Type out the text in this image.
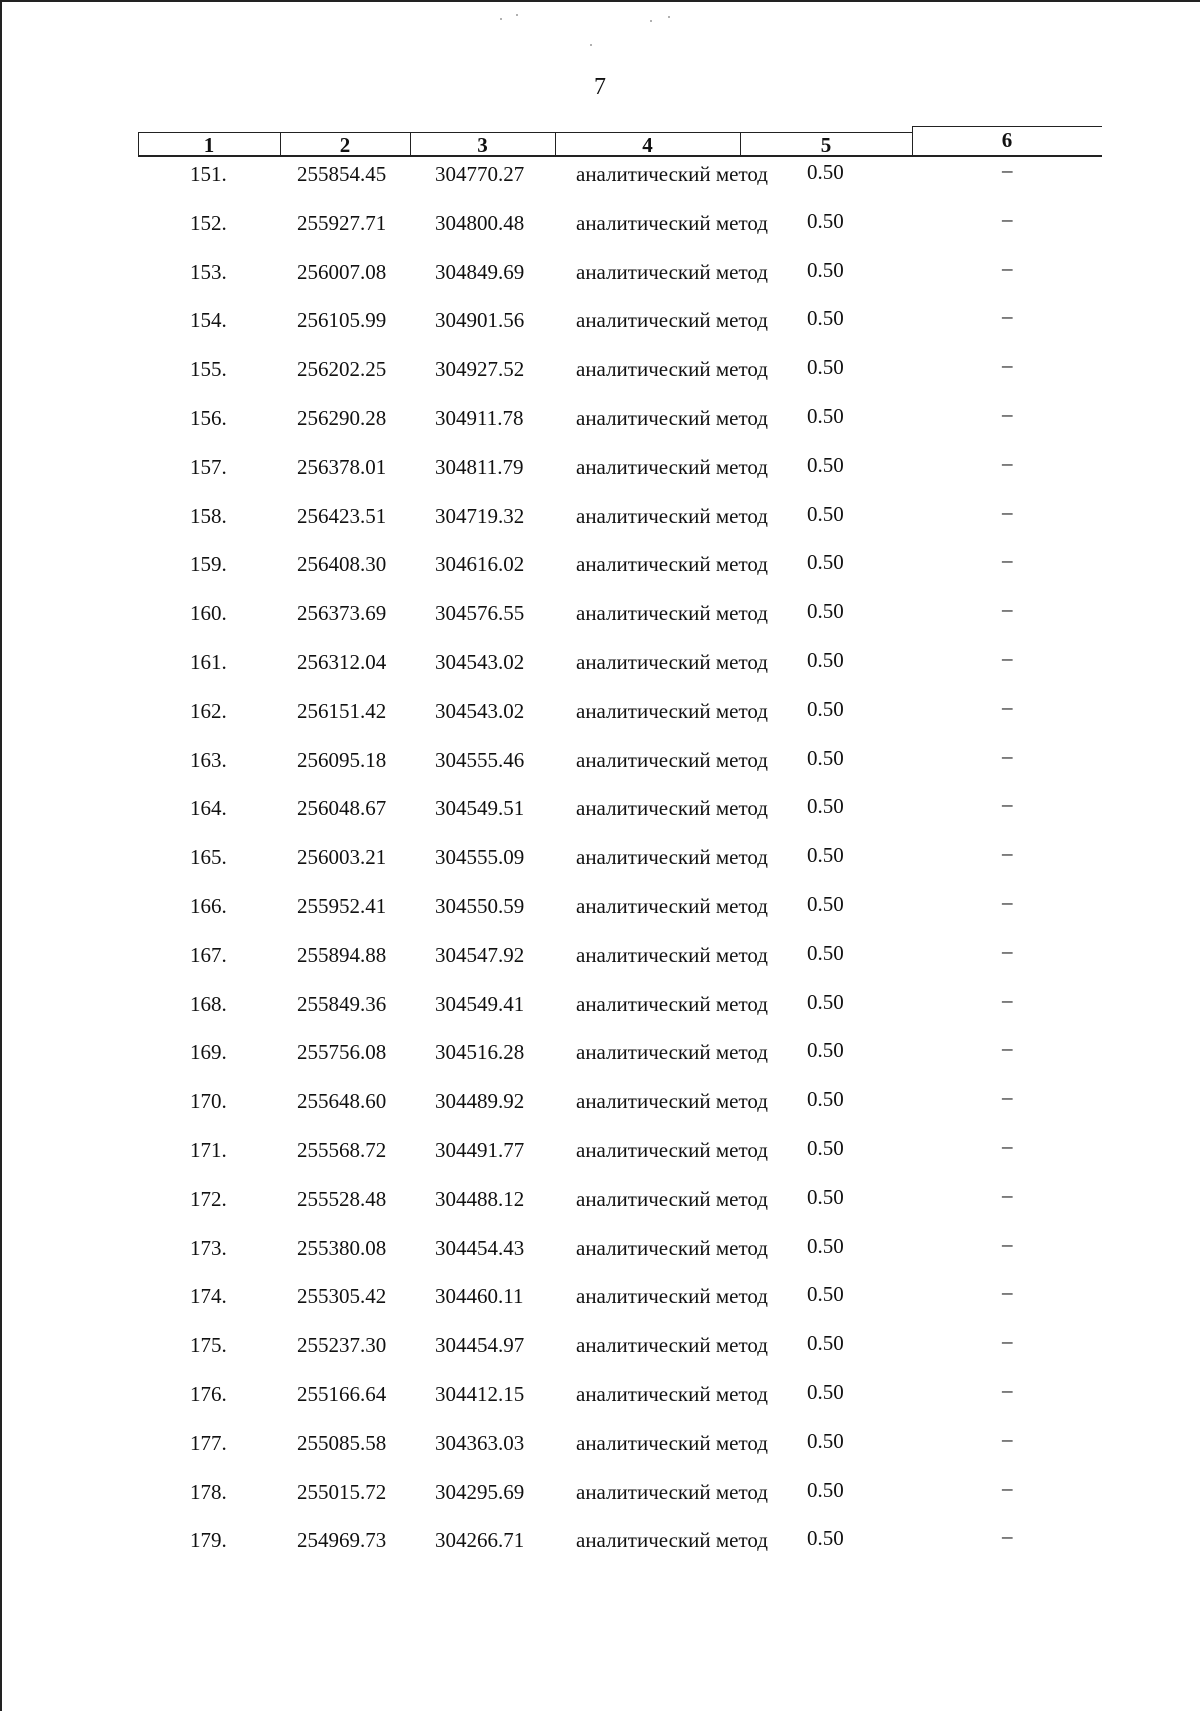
7
1	2	3	4	5	6
151.	255854.45 304770.27 аналитический метод 0.50	–
152.	255927.71 304800.48 аналитический метод 0.50	–
153.	256007.08 304849.69 аналитический метод 0.50	–
154.	256105.99 304901.56 аналитический метод 0.50	–
155.	256202.25 304927.52 аналитический метод 0.50	–
156.	256290.28 304911.78	аналитический метод 0.50	–
157.	256378.01 304811.79	аналитический метод 0.50	–
158.	256423.51 304719.32 аналитический метод 0.50	–
159.	256408.30 304616.02 аналитический метод 0.50	–
160.	256373.69 304576.55 аналитический метод 0.50	–
161.	256312.04 304543.02 аналитический метод 0.50	–
162.	256151.42 304543.02 аналитический метод 0.50	–
163.	256095.18 304555.46 аналитический метод 0.50	–
164.	256048.67 304549.51 аналитический метод 0.50	–
165.	256003.21 304555.09 аналитический метод 0.50	–
166.	255952.41 304550.59 аналитический метод 0.50	–
167.	255894.88 304547.92 аналитический метод 0.50	–
168.	255849.36 304549.41 аналитический метод 0.50	–
169.	255756.08 304516.28 аналитический метод 0.50	–
170.	255648.60 304489.92 аналитический метод 0.50	–
171.	255568.72 304491.77 аналитический метод 0.50	–
172.	255528.48 304488.12 аналитический метод 0.50	–
173.	255380.08 304454.43 аналитический метод 0.50	–
174.	255305.42 304460.11	аналитический метод 0.50	–
175.	255237.30 304454.97 аналитический метод 0.50	–
176.	255166.64 304412.15 аналитический метод 0.50	–
177.	255085.58 304363.03 аналитический метод 0.50	–
178.	255015.72 304295.69 аналитический метод 0.50	–
179.	254969.73 304266.71 аналитический метод 0.50	–
